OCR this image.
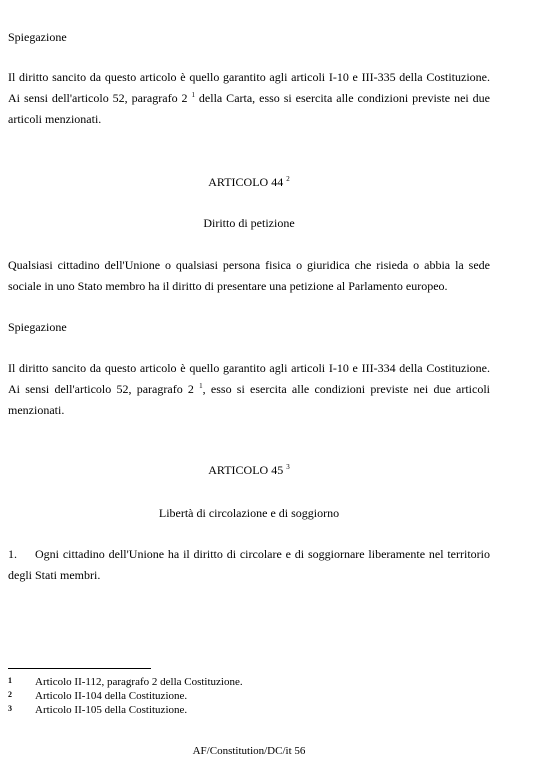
Spiegazione

Il diritto sancito da questo articolo è quello garantito agli articoli I-10 e III-335 della Costituzione. Ai sensi dell'articolo 52, paragrafo 2 $^1$ della Carta, esso si esercita alle condizioni previste nei due articoli menzionati.

ARTICOLO 44 $^2$
Diritto di petizione

Qualsiasi cittadino dell'Unione o qualsiasi persona fisica o giuridica che risieda o abbia la sede sociale in uno Stato membro ha il diritto di presentare una petizione al Parlamento europeo.

Spiegazione

Il diritto sancito da questo articolo è quello garantito agli articoli I-10 e III-334 della Costituzione. Ai sensi dell'articolo 52, paragrafo 2 $^1$, esso si esercita alle condizioni previste nei due articoli menzionati.

ARTICOLO 45 $^3$
Libertà di circolazione e di soggiorno

1. Ogni cittadino dell'Unione ha il diritto di circolare e di soggiornare liberamente nel territorio degli Stati membri.

1 Articolo II-112, paragrafo 2 della Costituzione.
2 Articolo II-104 della Costituzione.
3 Articolo II-105 della Costituzione.
AF/Constitution/DC/it 56
